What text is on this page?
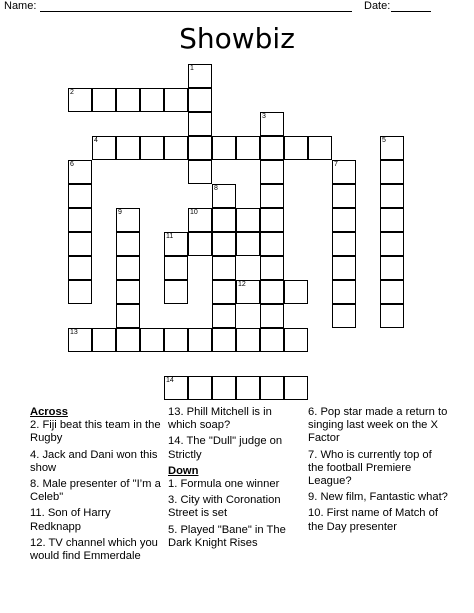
Name:	Date:
Showbiz
1
2
3
4	5
6	7
8
9	10
11
12
13
14
Across
2. Fiji beat this team in the Rugby
4. Jack and Dani won this show
8. Male presenter of "I’m a Celeb"
11. Son of Harry Redknapp
12. TV channel which you would find Emmerdale
13. Phill Mitchell is in which soap?
14. The "Dull" judge on Strictly
Down
1. Formula one winner
3. City with Coronation Street is set
5. Played "Bane" in The Dark Knight Rises
6. Pop star made a return to singing last week on the X Factor
7. Who is currently top of the football Premiere League?
9. New film, Fantastic what?
10. First name of Match of the Day presenter
